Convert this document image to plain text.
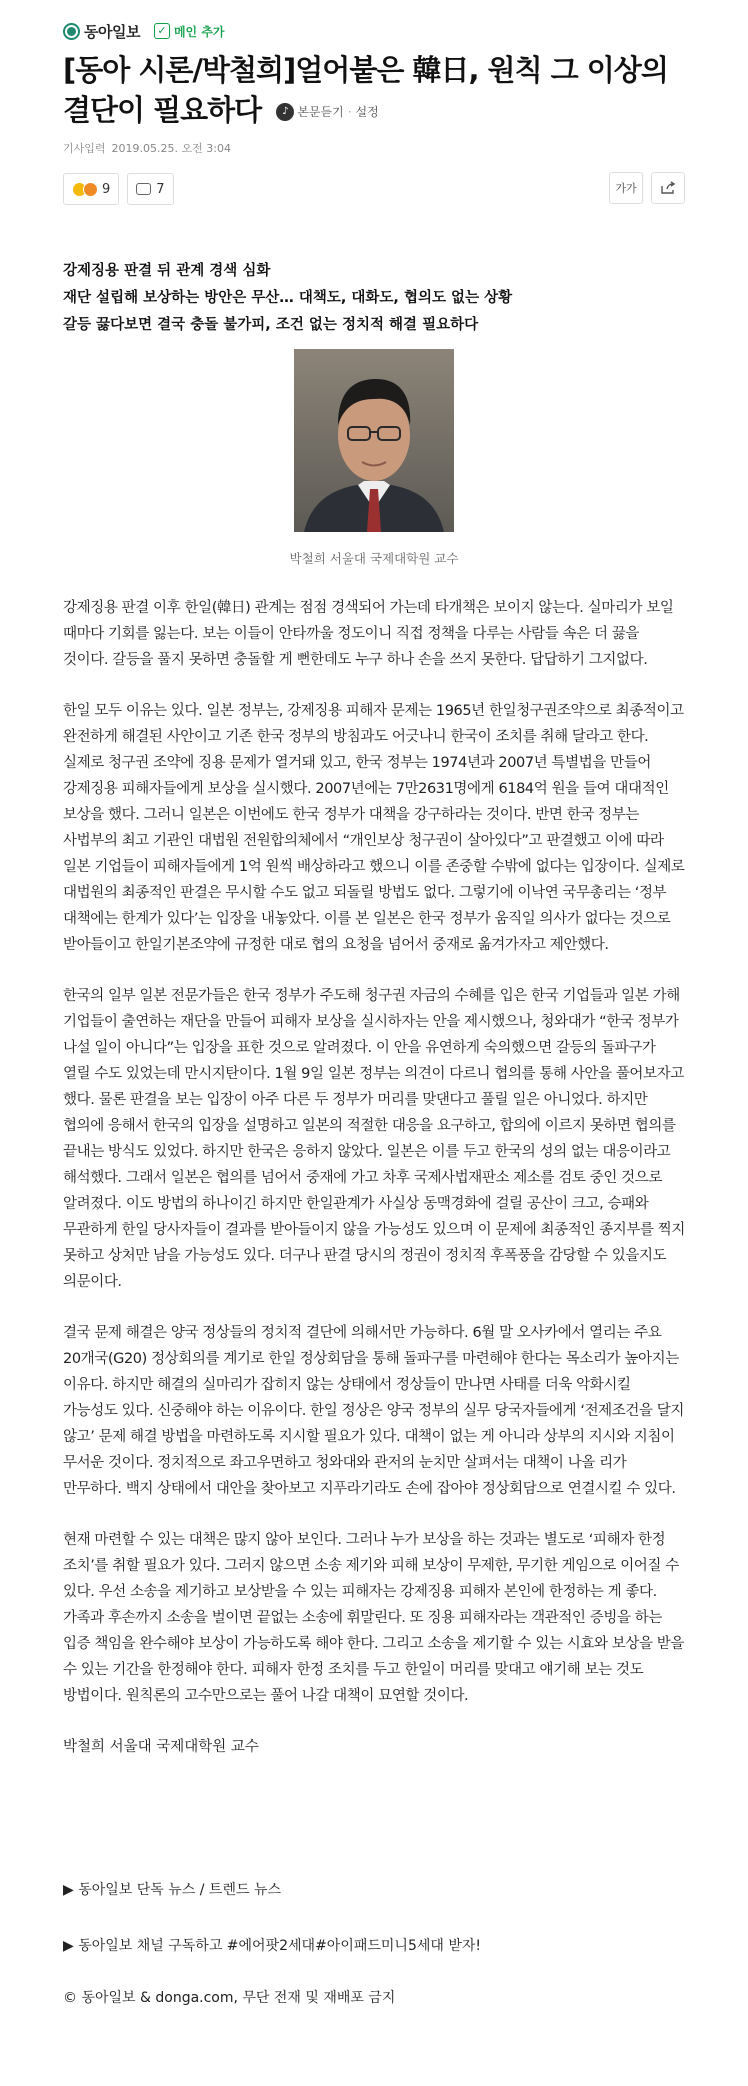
동아일보	✓ 메인 추가
[동아 시론/박철희]얼어붙은 韓日, 원칙 그 이상의 결단이 필요하다	♪ 본문듣기 · 설정
기사입력 2019.05.25. 오전 3:04
9	7	가가
강제징용 판결 뒤 관계 경색 심화
재단 설립해 보상하는 방안은 무산… 대책도, 대화도, 협의도 없는 상황
갈등 끓다보면 결국 충돌 불가피, 조건 없는 정치적 해결 필요하다
박철희 서울대 국제대학원 교수

강제징용 판결 이후 한일(韓日) 관계는 점점 경색되어 가는데 타개책은 보이지 않는다. 실마리가 보일 때마다 기회를 잃는다. 보는 이들이 안타까울 정도이니 직접 정책을 다루는 사람들 속은 더 끓을 것이다. 갈등을 풀지 못하면 충돌할 게 뻔한데도 누구 하나 손을 쓰지 못한다. 답답하기 그지없다.

한일 모두 이유는 있다. 일본 정부는, 강제징용 피해자 문제는 1965년 한일청구권조약으로 최종적이고 완전하게 해결된 사안이고 기존 한국 정부의 방침과도 어긋나니 한국이 조치를 취해 달라고 한다. 실제로 청구권 조약에 징용 문제가 열거돼 있고, 한국 정부는 1974년과 2007년 특별법을 만들어 강제징용 피해자들에게 보상을 실시했다. 2007년에는 7만2631명에게 6184억 원을 들여 대대적인 보상을 했다. 그러니 일본은 이번에도 한국 정부가 대책을 강구하라는 것이다. 반면 한국 정부는 사법부의 최고 기관인 대법원 전원합의체에서 “개인보상 청구권이 살아있다”고 판결했고 이에 따라 일본 기업들이 피해자들에게 1억 원씩 배상하라고 했으니 이를 존중할 수밖에 없다는 입장이다. 실제로 대법원의 최종적인 판결은 무시할 수도 없고 되돌릴 방법도 없다. 그렇기에 이낙연 국무총리는 ‘정부 대책에는 한계가 있다’는 입장을 내놓았다. 이를 본 일본은 한국 정부가 움직일 의사가 없다는 것으로 받아들이고 한일기본조약에 규정한 대로 협의 요청을 넘어서 중재로 옮겨가자고 제안했다.

한국의 일부 일본 전문가들은 한국 정부가 주도해 청구권 자금의 수혜를 입은 한국 기업들과 일본 가해 기업들이 출연하는 재단을 만들어 피해자 보상을 실시하자는 안을 제시했으나, 청와대가 “한국 정부가 나설 일이 아니다”는 입장을 표한 것으로 알려졌다. 이 안을 유연하게 숙의했으면 갈등의 돌파구가 열릴 수도 있었는데 만시지탄이다. 1월 9일 일본 정부는 의견이 다르니 협의를 통해 사안을 풀어보자고 했다. 물론 판결을 보는 입장이 아주 다른 두 정부가 머리를 맞댄다고 풀릴 일은 아니었다. 하지만 협의에 응해서 한국의 입장을 설명하고 일본의 적절한 대응을 요구하고, 합의에 이르지 못하면 협의를 끝내는 방식도 있었다. 하지만 한국은 응하지 않았다. 일본은 이를 두고 한국의 성의 없는 대응이라고 해석했다. 그래서 일본은 협의를 넘어서 중재에 가고 차후 국제사법재판소 제소를 검토 중인 것으로 알려졌다. 이도 방법의 하나이긴 하지만 한일관계가 사실상 동맥경화에 걸릴 공산이 크고, 승패와 무관하게 한일 당사자들이 결과를 받아들이지 않을 가능성도 있으며 이 문제에 최종적인 종지부를 찍지 못하고 상처만 남을 가능성도 있다. 더구나 판결 당시의 정권이 정치적 후폭풍을 감당할 수 있을지도 의문이다.

결국 문제 해결은 양국 정상들의 정치적 결단에 의해서만 가능하다. 6월 말 오사카에서 열리는 주요 20개국(G20) 정상회의를 계기로 한일 정상회담을 통해 돌파구를 마련해야 한다는 목소리가 높아지는 이유다. 하지만 해결의 실마리가 잡히지 않는 상태에서 정상들이 만나면 사태를 더욱 악화시킬 가능성도 있다. 신중해야 하는 이유이다. 한일 정상은 양국 정부의 실무 당국자들에게 ‘전제조건을 달지 않고’ 문제 해결 방법을 마련하도록 지시할 필요가 있다. 대책이 없는 게 아니라 상부의 지시와 지침이 무서운 것이다. 정치적으로 좌고우면하고 청와대와 관저의 눈치만 살펴서는 대책이 나올 리가 만무하다. 백지 상태에서 대안을 찾아보고 지푸라기라도 손에 잡아야 정상회담으로 연결시킬 수 있다.

현재 마련할 수 있는 대책은 많지 않아 보인다. 그러나 누가 보상을 하는 것과는 별도로 ‘피해자 한정 조치’를 취할 필요가 있다. 그러지 않으면 소송 제기와 피해 보상이 무제한, 무기한 게임으로 이어질 수 있다. 우선 소송을 제기하고 보상받을 수 있는 피해자는 강제징용 피해자 본인에 한정하는 게 좋다. 가족과 후손까지 소송을 벌이면 끝없는 소송에 휘말린다. 또 징용 피해자라는 객관적인 증빙을 하는 입증 책임을 완수해야 보상이 가능하도록 해야 한다. 그리고 소송을 제기할 수 있는 시효와 보상을 받을 수 있는 기간을 한정해야 한다. 피해자 한정 조치를 두고 한일이 머리를 맞대고 얘기해 보는 것도 방법이다. 원칙론의 고수만으로는 풀어 나갈 대책이 묘연할 것이다.

박철희 서울대 국제대학원 교수

▶ 동아일보 단독 뉴스 / 트렌드 뉴스
▶ 동아일보 채널 구독하고 #에어팟2세대#아이패드미니5세대 받자!
© 동아일보 & donga.com, 무단 전재 및 재배포 금지
